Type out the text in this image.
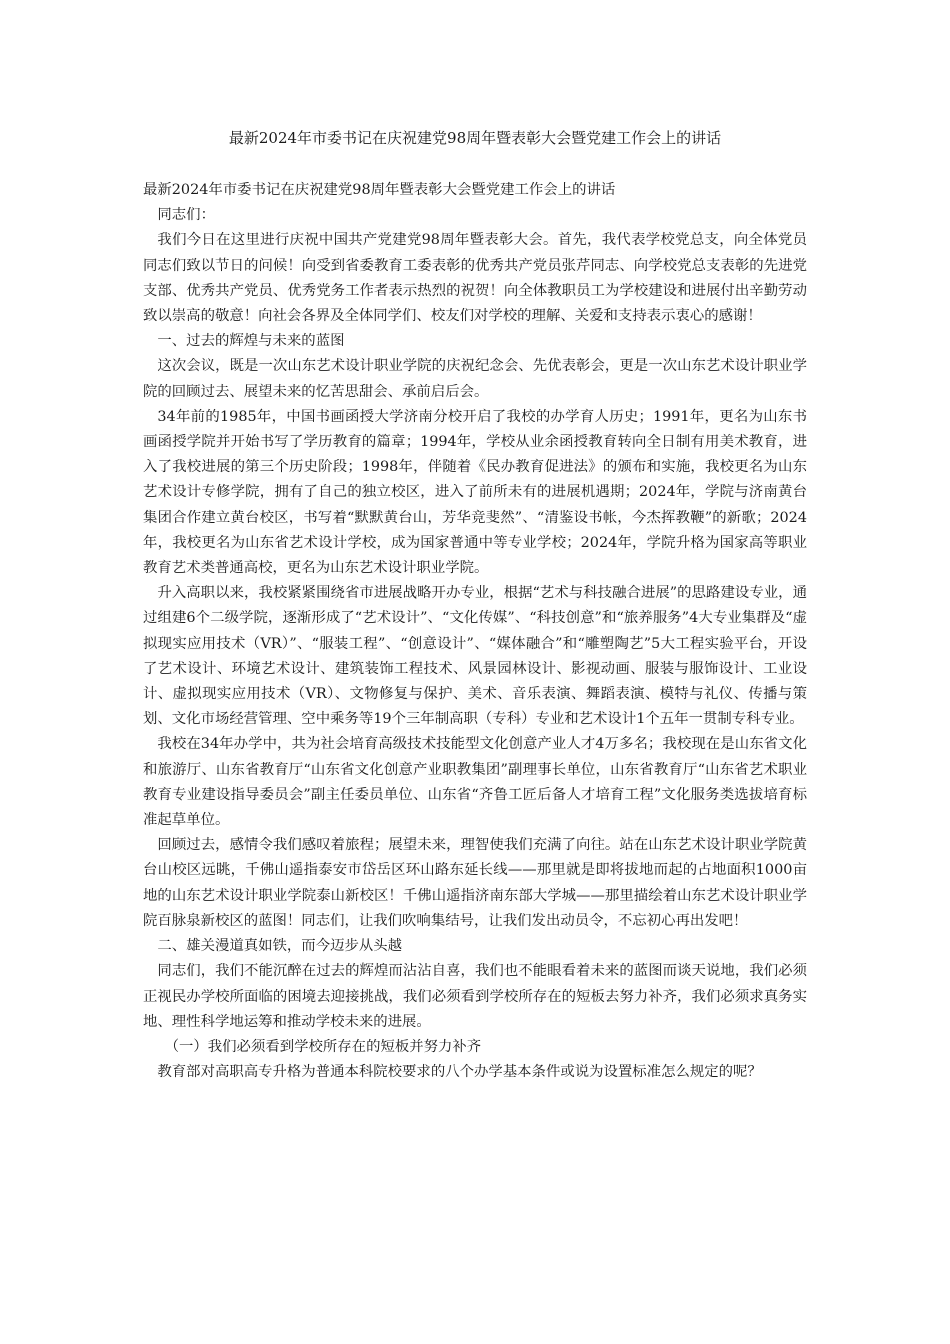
最新2024年市委书记在庆祝建党98周年暨表彰大会暨党建工作会上的讲话

最新2024年市委书记在庆祝建党98周年暨表彰大会暨党建工作会上的讲话

同志们：

我们今日在这里进行庆祝中国共产党建党98周年暨表彰大会。首先，我代表学校党总支，向全体党员同志们致以节日的问候！向受到省委教育工委表彰的优秀共产党员张芹同志、向学校党总支表彰的先进党支部、优秀共产党员、优秀党务工作者表示热烈的祝贺！向全体教职员工为学校建设和进展付出辛勤劳动致以崇高的敬意！向社会各界及全体同学们、校友们对学校的理解、关爱和支持表示衷心的感谢！

一、过去的辉煌与未来的蓝图

这次会议，既是一次山东艺术设计职业学院的庆祝纪念会、先优表彰会，更是一次山东艺术设计职业学院的回顾过去、展望未来的忆苦思甜会、承前启后会。

34年前的1985年，中国书画函授大学济南分校开启了我校的办学育人历史；1991年，更名为山东书画函授学院并开始书写了学历教育的篇章；1994年，学校从业余函授教育转向全日制有用美术教育，进入了我校进展的第三个历史阶段；1998年，伴随着《民办教育促进法》的颁布和实施，我校更名为山东艺术设计专修学院，拥有了自己的独立校区，进入了前所未有的进展机遇期；2024年，学院与济南黄台集团合作建立黄台校区，书写着“默默黄台山，芳华竞斐然”、“清鉴设书帐，今杰挥教鞭”的新歌；2024年，我校更名为山东省艺术设计学校，成为国家普通中等专业学校；2024年，学院升格为国家高等职业教育艺术类普通高校，更名为山东艺术设计职业学院。

升入高职以来，我校紧紧围绕省市进展战略开办专业，根据“艺术与科技融合进展”的思路建设专业，通过组建6个二级学院，逐渐形成了“艺术设计”、“文化传媒”、“科技创意”和“旅养服务”4大专业集群及“虚拟现实应用技术（VR）”、“服装工程”、“创意设计”、“媒体融合”和“雕塑陶艺”5大工程实验平台，开设了艺术设计、环境艺术设计、建筑装饰工程技术、风景园林设计、影视动画、服装与服饰设计、工业设计、虚拟现实应用技术（VR）、文物修复与保护、美术、音乐表演、舞蹈表演、模特与礼仪、传播与策划、文化市场经营管理、空中乘务等19个三年制高职（专科）专业和艺术设计1个五年一贯制专科专业。

我校在34年办学中，共为社会培育高级技术技能型文化创意产业人才4万多名；我校现在是山东省文化和旅游厅、山东省教育厅“山东省文化创意产业职教集团”副理事长单位，山东省教育厅“山东省艺术职业教育专业建设指导委员会”副主任委员单位、山东省“齐鲁工匠后备人才培育工程”文化服务类选拔培育标准起草单位。

回顾过去，感情令我们感叹着旅程；展望未来，理智使我们充满了向往。站在山东艺术设计职业学院黄台山校区远眺，千佛山遥指泰安市岱岳区环山路东延长线——那里就是即将拔地而起的占地面积1000亩地的山东艺术设计职业学院泰山新校区！千佛山遥指济南东部大学城——那里描绘着山东艺术设计职业学院百脉泉新校区的蓝图！同志们，让我们吹响集结号，让我们发出动员令，不忘初心再出发吧！

二、雄关漫道真如铁，而今迈步从头越

同志们，我们不能沉醉在过去的辉煌而沾沾自喜，我们也不能眼看着未来的蓝图而谈天说地，我们必须正视民办学校所面临的困境去迎接挑战，我们必须看到学校所存在的短板去努力补齐，我们必须求真务实地、理性科学地运筹和推动学校未来的进展。

（一）我们必须看到学校所存在的短板并努力补齐

教育部对高职高专升格为普通本科院校要求的八个办学基本条件或说为设置标准怎么规定的呢？
